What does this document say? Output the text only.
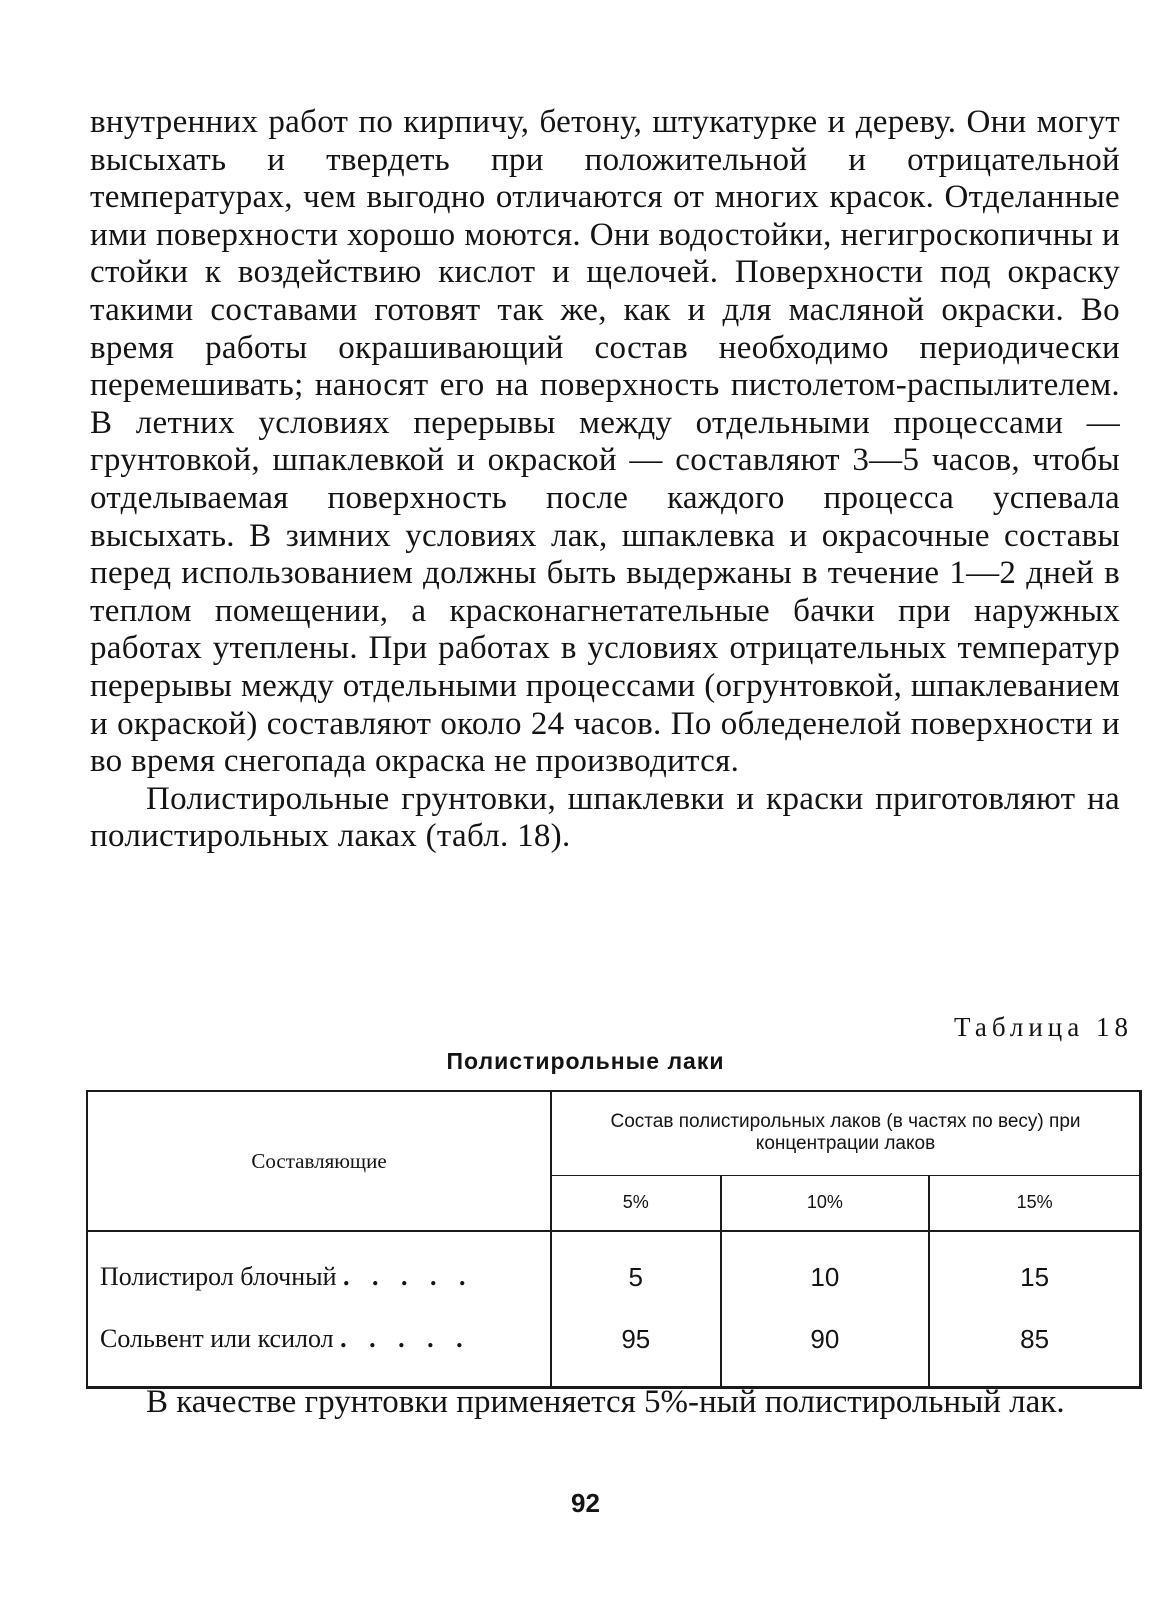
внутренних работ по кирпичу, бетону, штукатурке и дереву. Они могут высыхать и твердеть при положительной и отрицательной температурах, чем выгодно отличаются от многих красок. Отделанные ими поверхности хорошо моются. Они водостойки, негигроскопичны и стойки к воздействию кислот и щелочей. Поверхности под окраску такими составами готовят так же, как и для масляной окраски. Во время работы окрашивающий состав необходимо периодически перемешивать; наносят его на поверхность пистолетом-распылителем. В летних условиях перерывы между отдельными процессами — грунтовкой, шпаклевкой и окраской — составляют 3—5 часов, чтобы отделываемая поверхность после каждого процесса успевала высыхать. В зимних условиях лак, шпаклевка и окрасочные составы перед использованием должны быть выдержаны в течение 1—2 дней в теплом помещении, а красконагнетательные бачки при наружных работах утеплены. При работах в условиях отрицательных температур перерывы между отдельными процессами (огрунтовкой, шпаклеванием и окраской) составляют около 24 часов. По обледенелой поверхности и во время снегопада окраска не производится.

Полистирольные грунтовки, шпаклевки и краски приготовляют на полистирольных лаках (табл. 18).

Таблица 18
Полистирольные лаки
Составляющие	Состав полистирольных лаков (в частях по весу) при концентрации лаков		
	5%	10%	15%
Полистирол блочный . . . . .	5	10	15
Сольвент или ксилол . . . . .	95	90	85
В качестве грунтовки применяется 5%-ный полистирольный лак.
92
